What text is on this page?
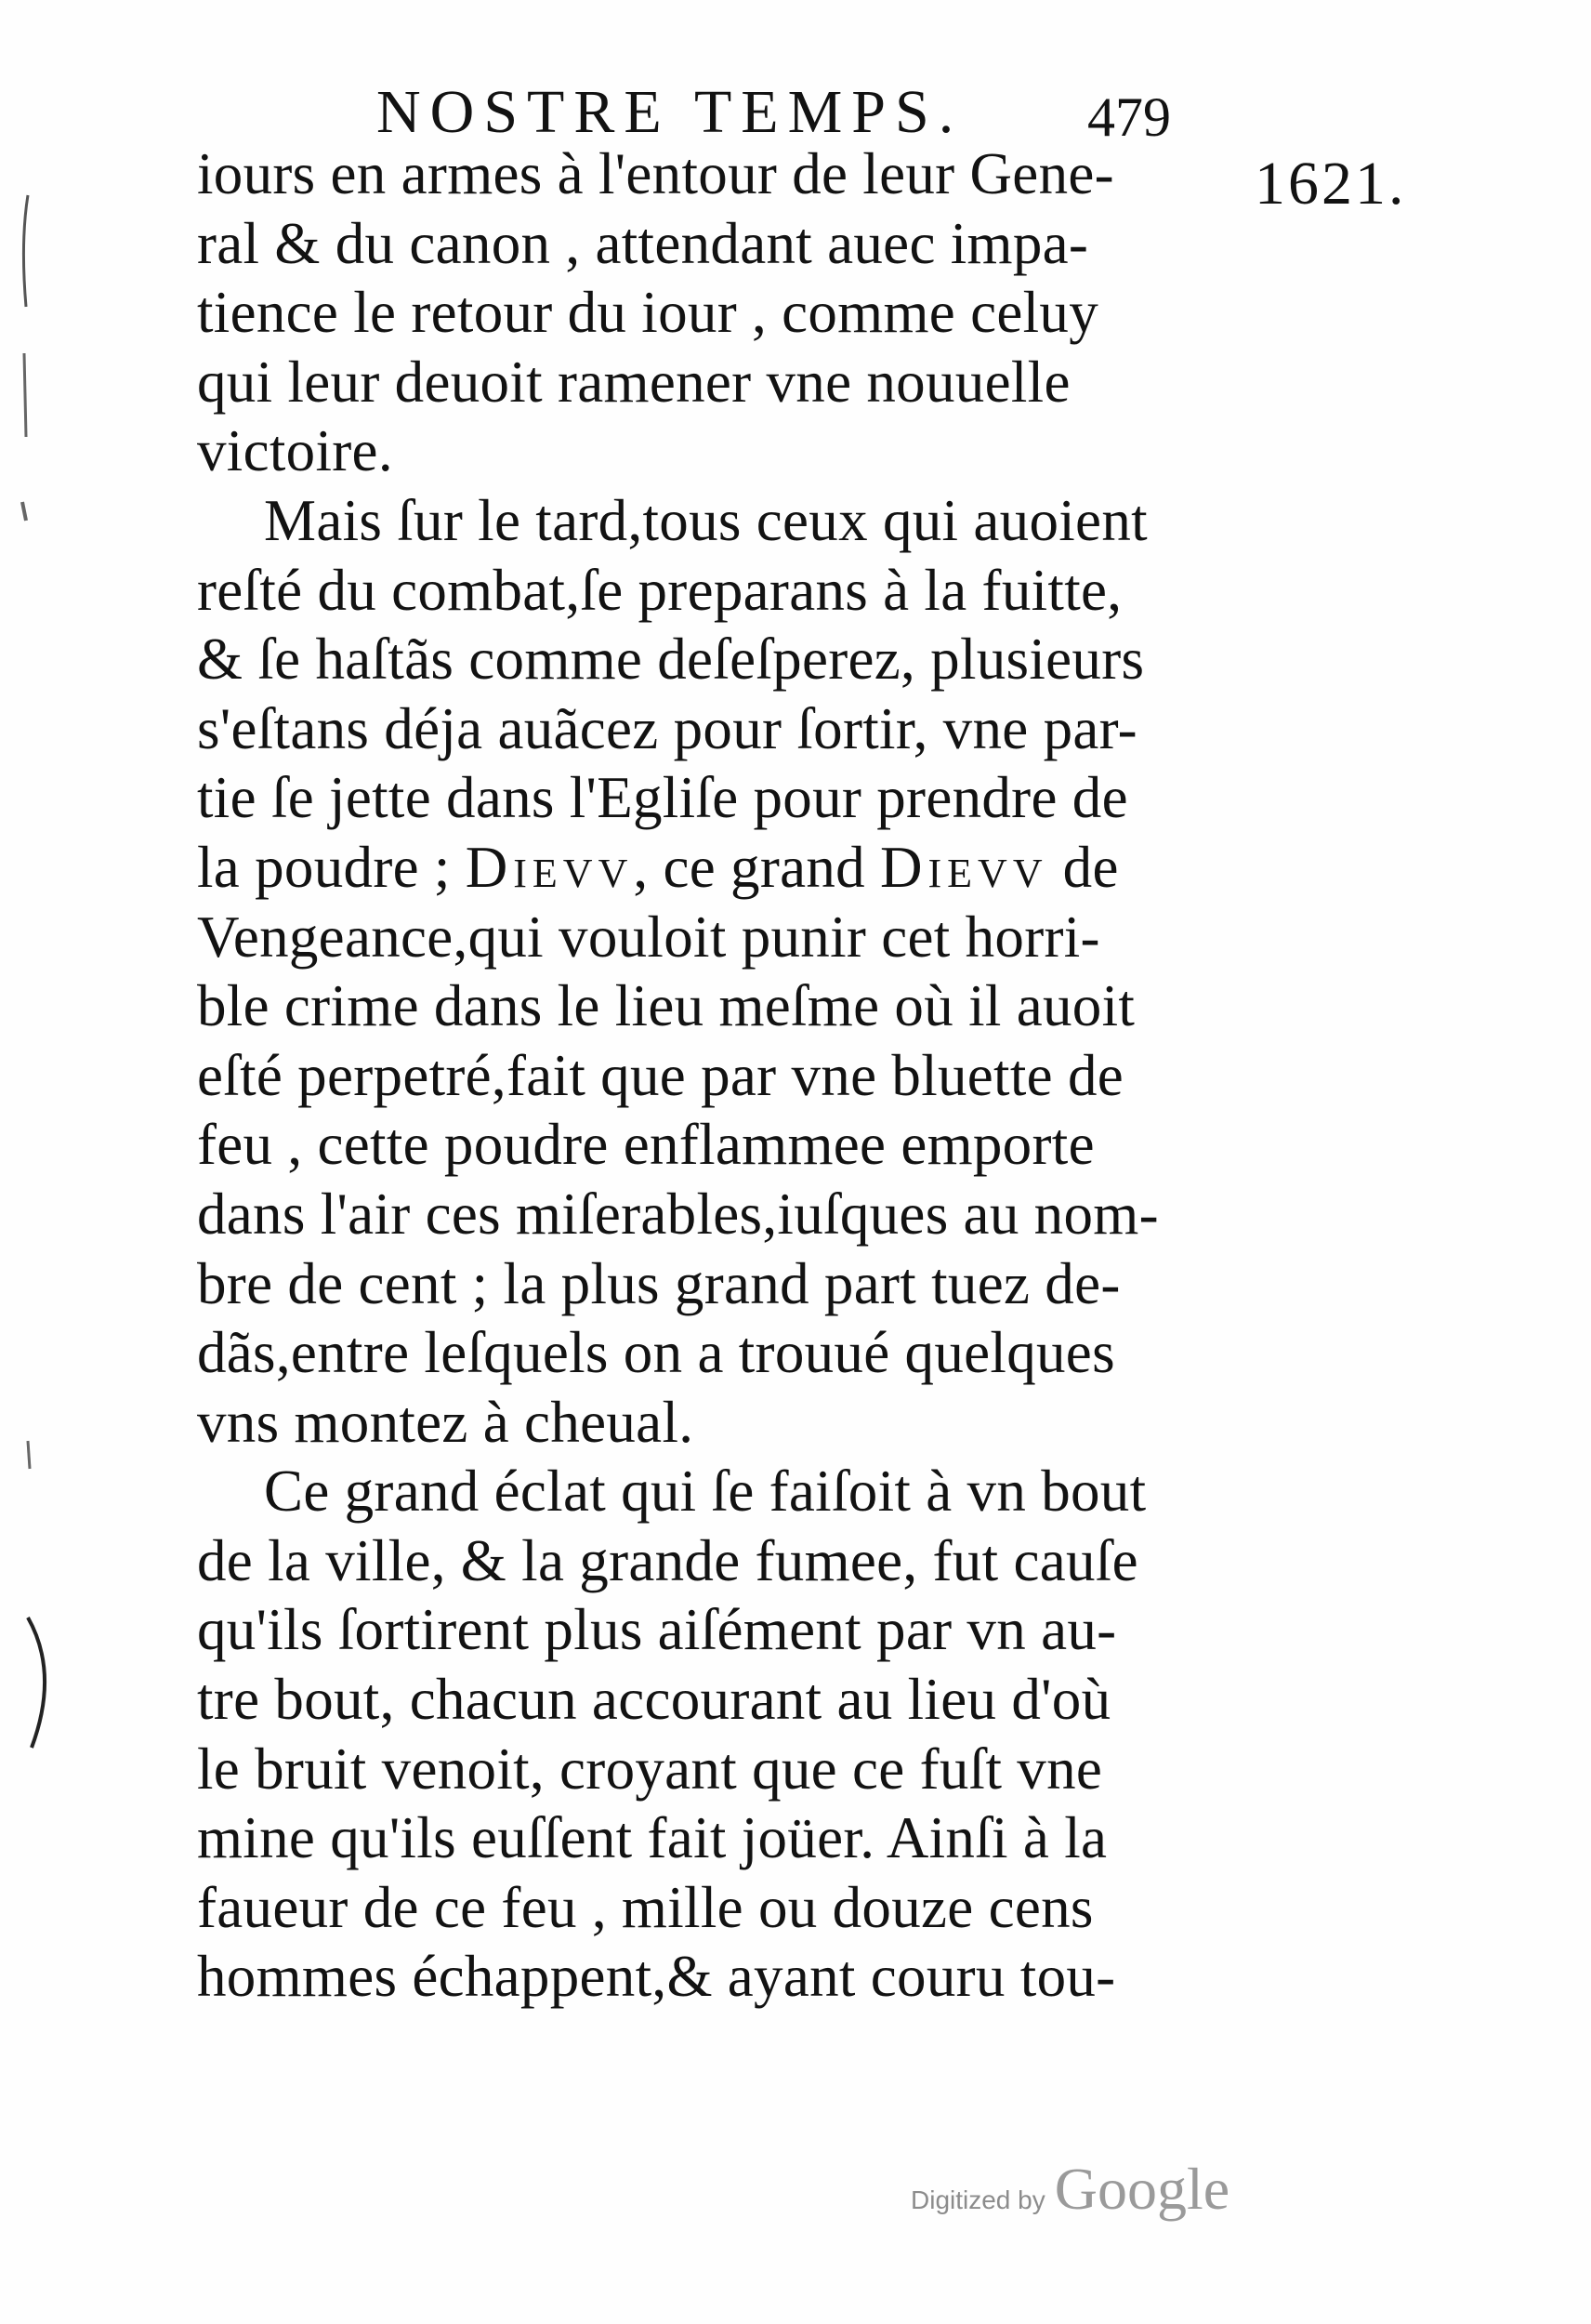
NOSTRE TEMPS. 479
1621.
iours en armes à l'entour de leur Gene-
ral & du canon , attendant auec impa-
tience le retour du iour , comme celuy
qui leur deuoit ramener vne nouuelle
victoire.
Mais ſur le tard,tous ceux qui auoient
reſté du combat,ſe preparans à la fuitte,
& ſe haſtãs comme deſeſperez, plusieurs
s'eſtans déja auãcez pour ſortir, vne par-
tie ſe jette dans l'Egliſe pour prendre de
la poudre ; Dievv, ce grand Dievv de
Vengeance,qui vouloit punir cet horri-
ble crime dans le lieu meſme où il auoit
eſté perpetré,fait que par vne bluette de
feu , cette poudre enflammee emporte
dans l'air ces miſerables,iuſques au nom-
bre de cent ; la plus grand part tuez de-
dãs,entre leſquels on a trouué quelques
vns montez à cheual.
Ce grand éclat qui ſe faiſoit à vn bout
de la ville, & la grande fumee, fut cauſe
qu'ils ſortirent plus aiſément par vn au-
tre bout, chacun accourant au lieu d'où
le bruit venoit, croyant que ce fuſt vne
mine qu'ils euſſent fait joüer. Ainſi à la
faueur de ce feu , mille ou douze cens
hommes échappent,& ayant couru tou-
Digitized by Google
